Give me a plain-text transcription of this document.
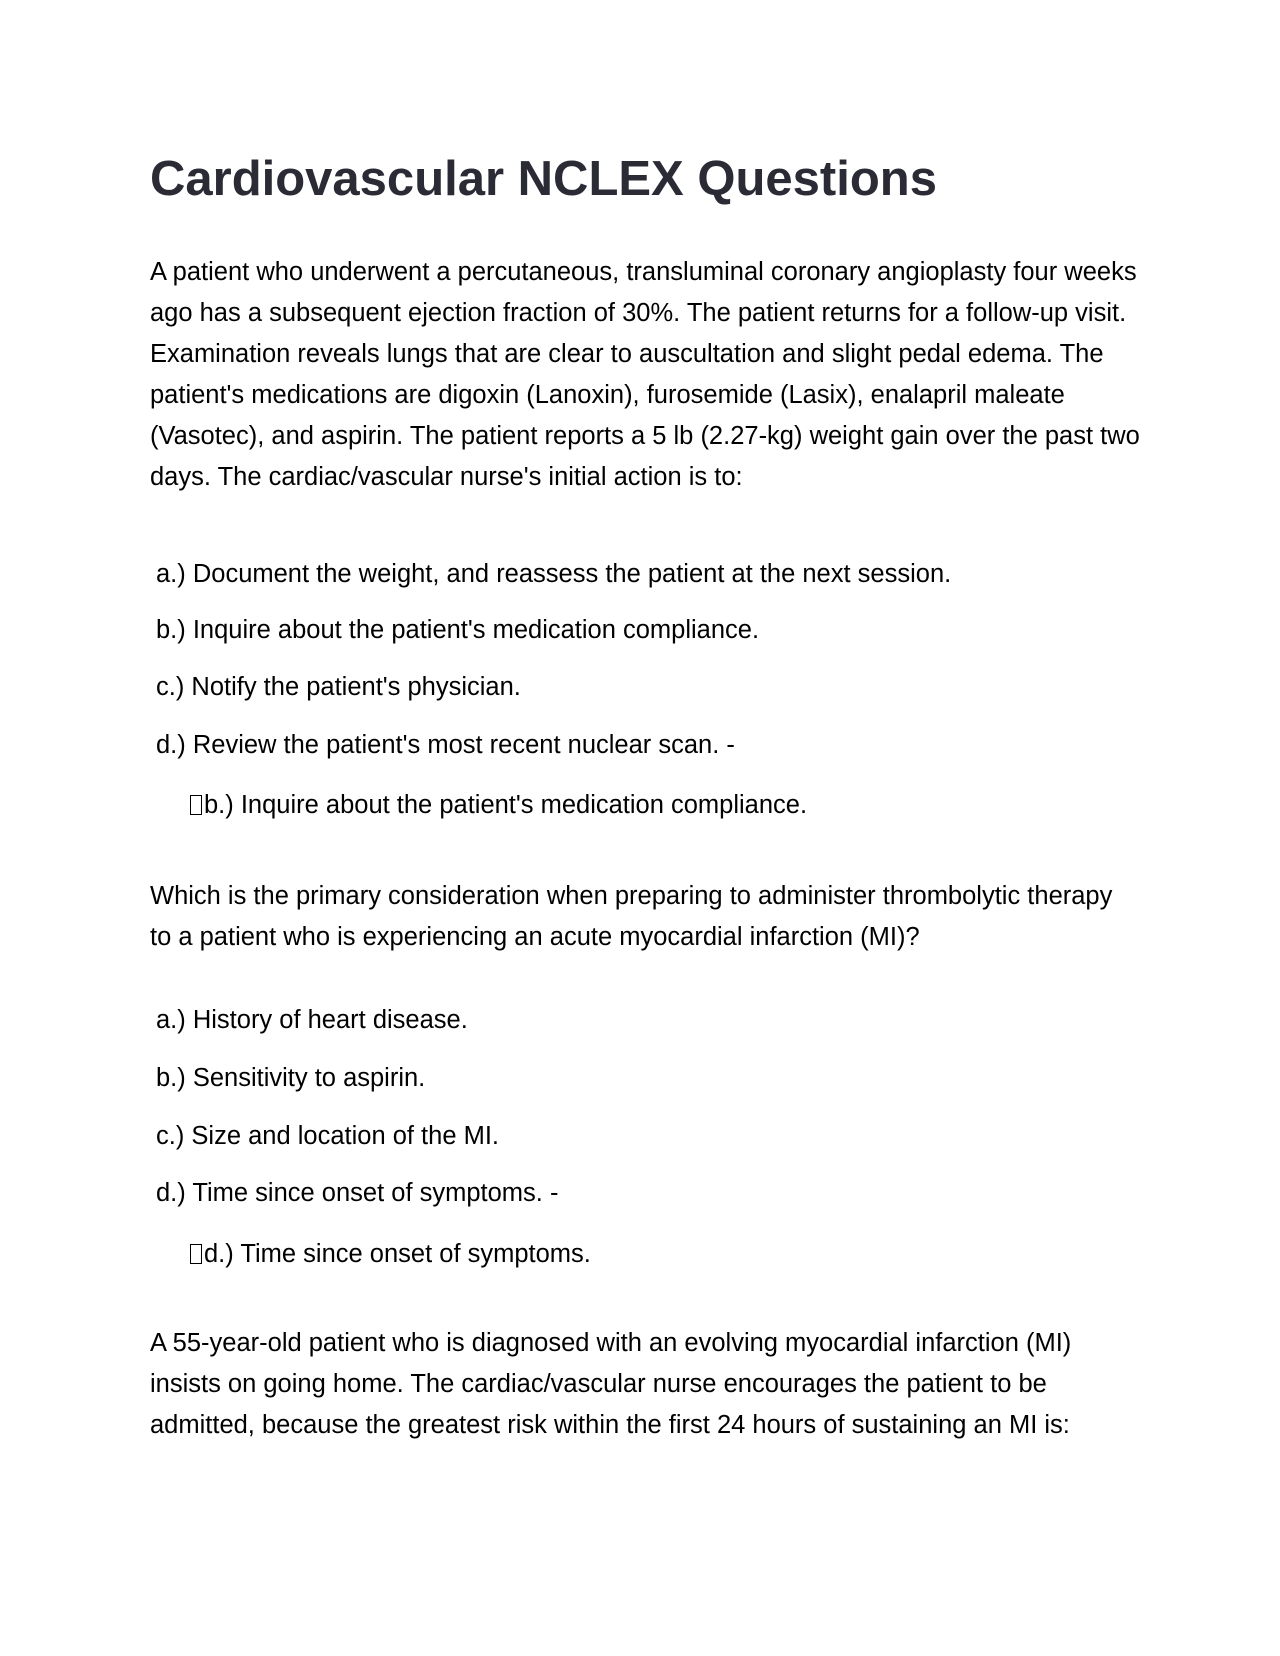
Cardiovascular NCLEX Questions

A patient who underwent a percutaneous, transluminal coronary angioplasty four weeks ago has a subsequent ejection fraction of 30%. The patient returns for a follow-up visit. Examination reveals lungs that are clear to auscultation and slight pedal edema. The patient's medications are digoxin (Lanoxin), furosemide (Lasix), enalapril maleate (Vasotec), and aspirin. The patient reports a 5 lb (2.27-kg) weight gain over the past two days. The cardiac/vascular nurse's initial action is to:

a.) Document the weight, and reassess the patient at the next session.

b.) Inquire about the patient's medication compliance.

c.) Notify the patient's physician.

d.) Review the patient's most recent nuclear scan. -

b.) Inquire about the patient's medication compliance.

Which is the primary consideration when preparing to administer thrombolytic therapy to a patient who is experiencing an acute myocardial infarction (MI)?

a.) History of heart disease.

b.) Sensitivity to aspirin.

c.) Size and location of the MI.

d.) Time since onset of symptoms. -

d.) Time since onset of symptoms.

A 55-year-old patient who is diagnosed with an evolving myocardial infarction (MI) insists on going home. The cardiac/vascular nurse encourages the patient to be admitted, because the greatest risk within the first 24 hours of sustaining an MI is:
